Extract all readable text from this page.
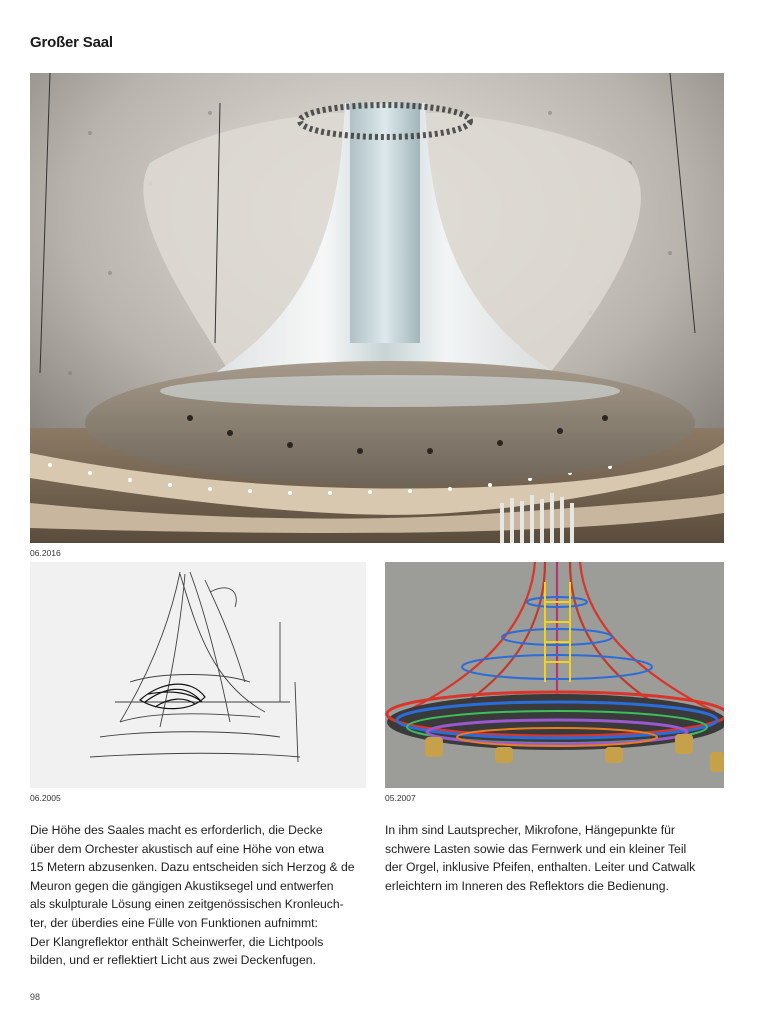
Großer Saal
06.2016
06.2005	05.2007
Die Höhe des Saales macht es erforderlich, die Decke
über dem Orchester akustisch auf eine Höhe von etwa
15 Metern abzusenken. Dazu entscheiden sich Herzog & de
Meuron gegen die gängigen Akustiksegel und entwerfen
als skulpturale Lösung einen zeitgenössischen Kronleuch-
ter, der überdies eine Fülle von Funktionen aufnimmt:
Der Klangreflektor enthält Scheinwerfer, die Lichtpools
bilden, und er reflektiert Licht aus zwei Deckenfugen.
In ihm sind Lautsprecher, Mikrofone, Hängepunkte für
schwere Lasten sowie das Fernwerk und ein kleiner Teil
der Orgel, inklusive Pfeifen, enthalten. Leiter und Catwalk
erleichtern im Inneren des Reflektors die Bedienung.
98
